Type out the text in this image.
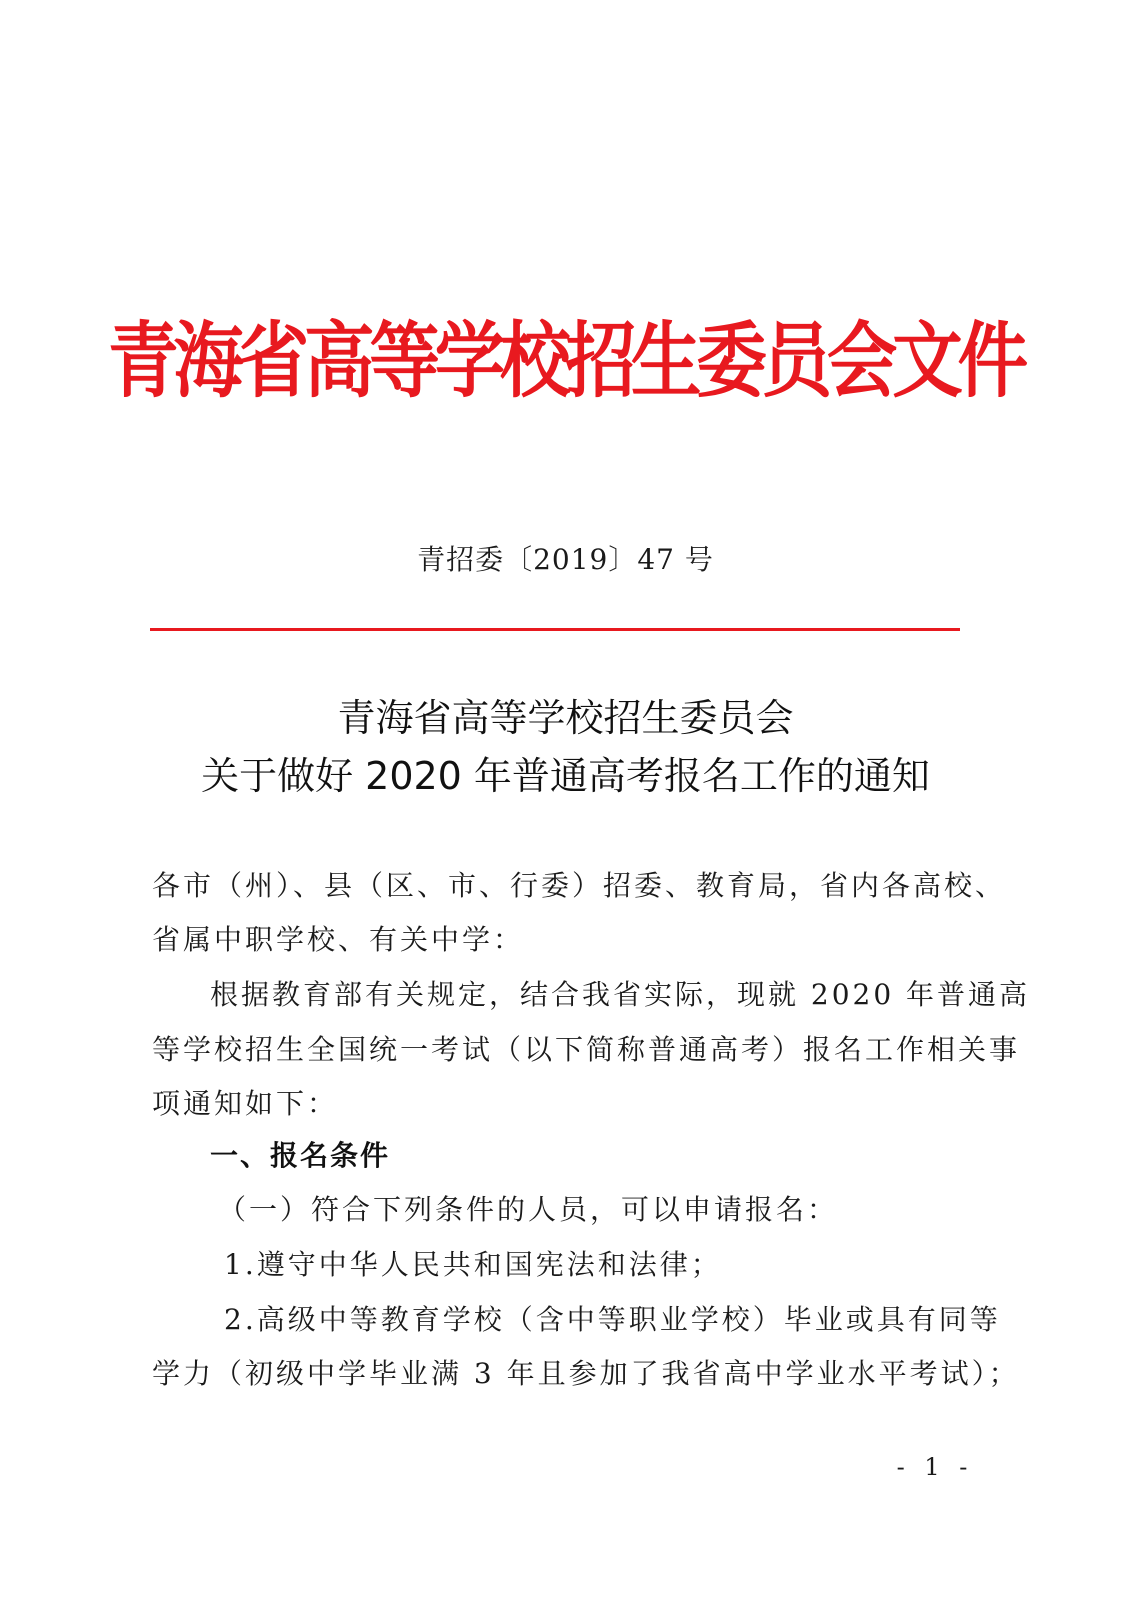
青海省高等学校招生委员会文件
青招委〔2019〕47 号
青海省高等学校招生委员会
关于做好 2020 年普通高考报名工作的通知
各市（州）、县（区、市、行委）招委、教育局，省内各高校、
省属中职学校、有关中学：
根据教育部有关规定，结合我省实际，现就 2020 年普通高
等学校招生全国统一考试（以下简称普通高考）报名工作相关事
项通知如下：
一、报名条件
（一）符合下列条件的人员，可以申请报名：
1.遵守中华人民共和国宪法和法律；
2.高级中等教育学校（含中等职业学校）毕业或具有同等
学力（初级中学毕业满 3 年且参加了我省高中学业水平考试）；
- 1 -
